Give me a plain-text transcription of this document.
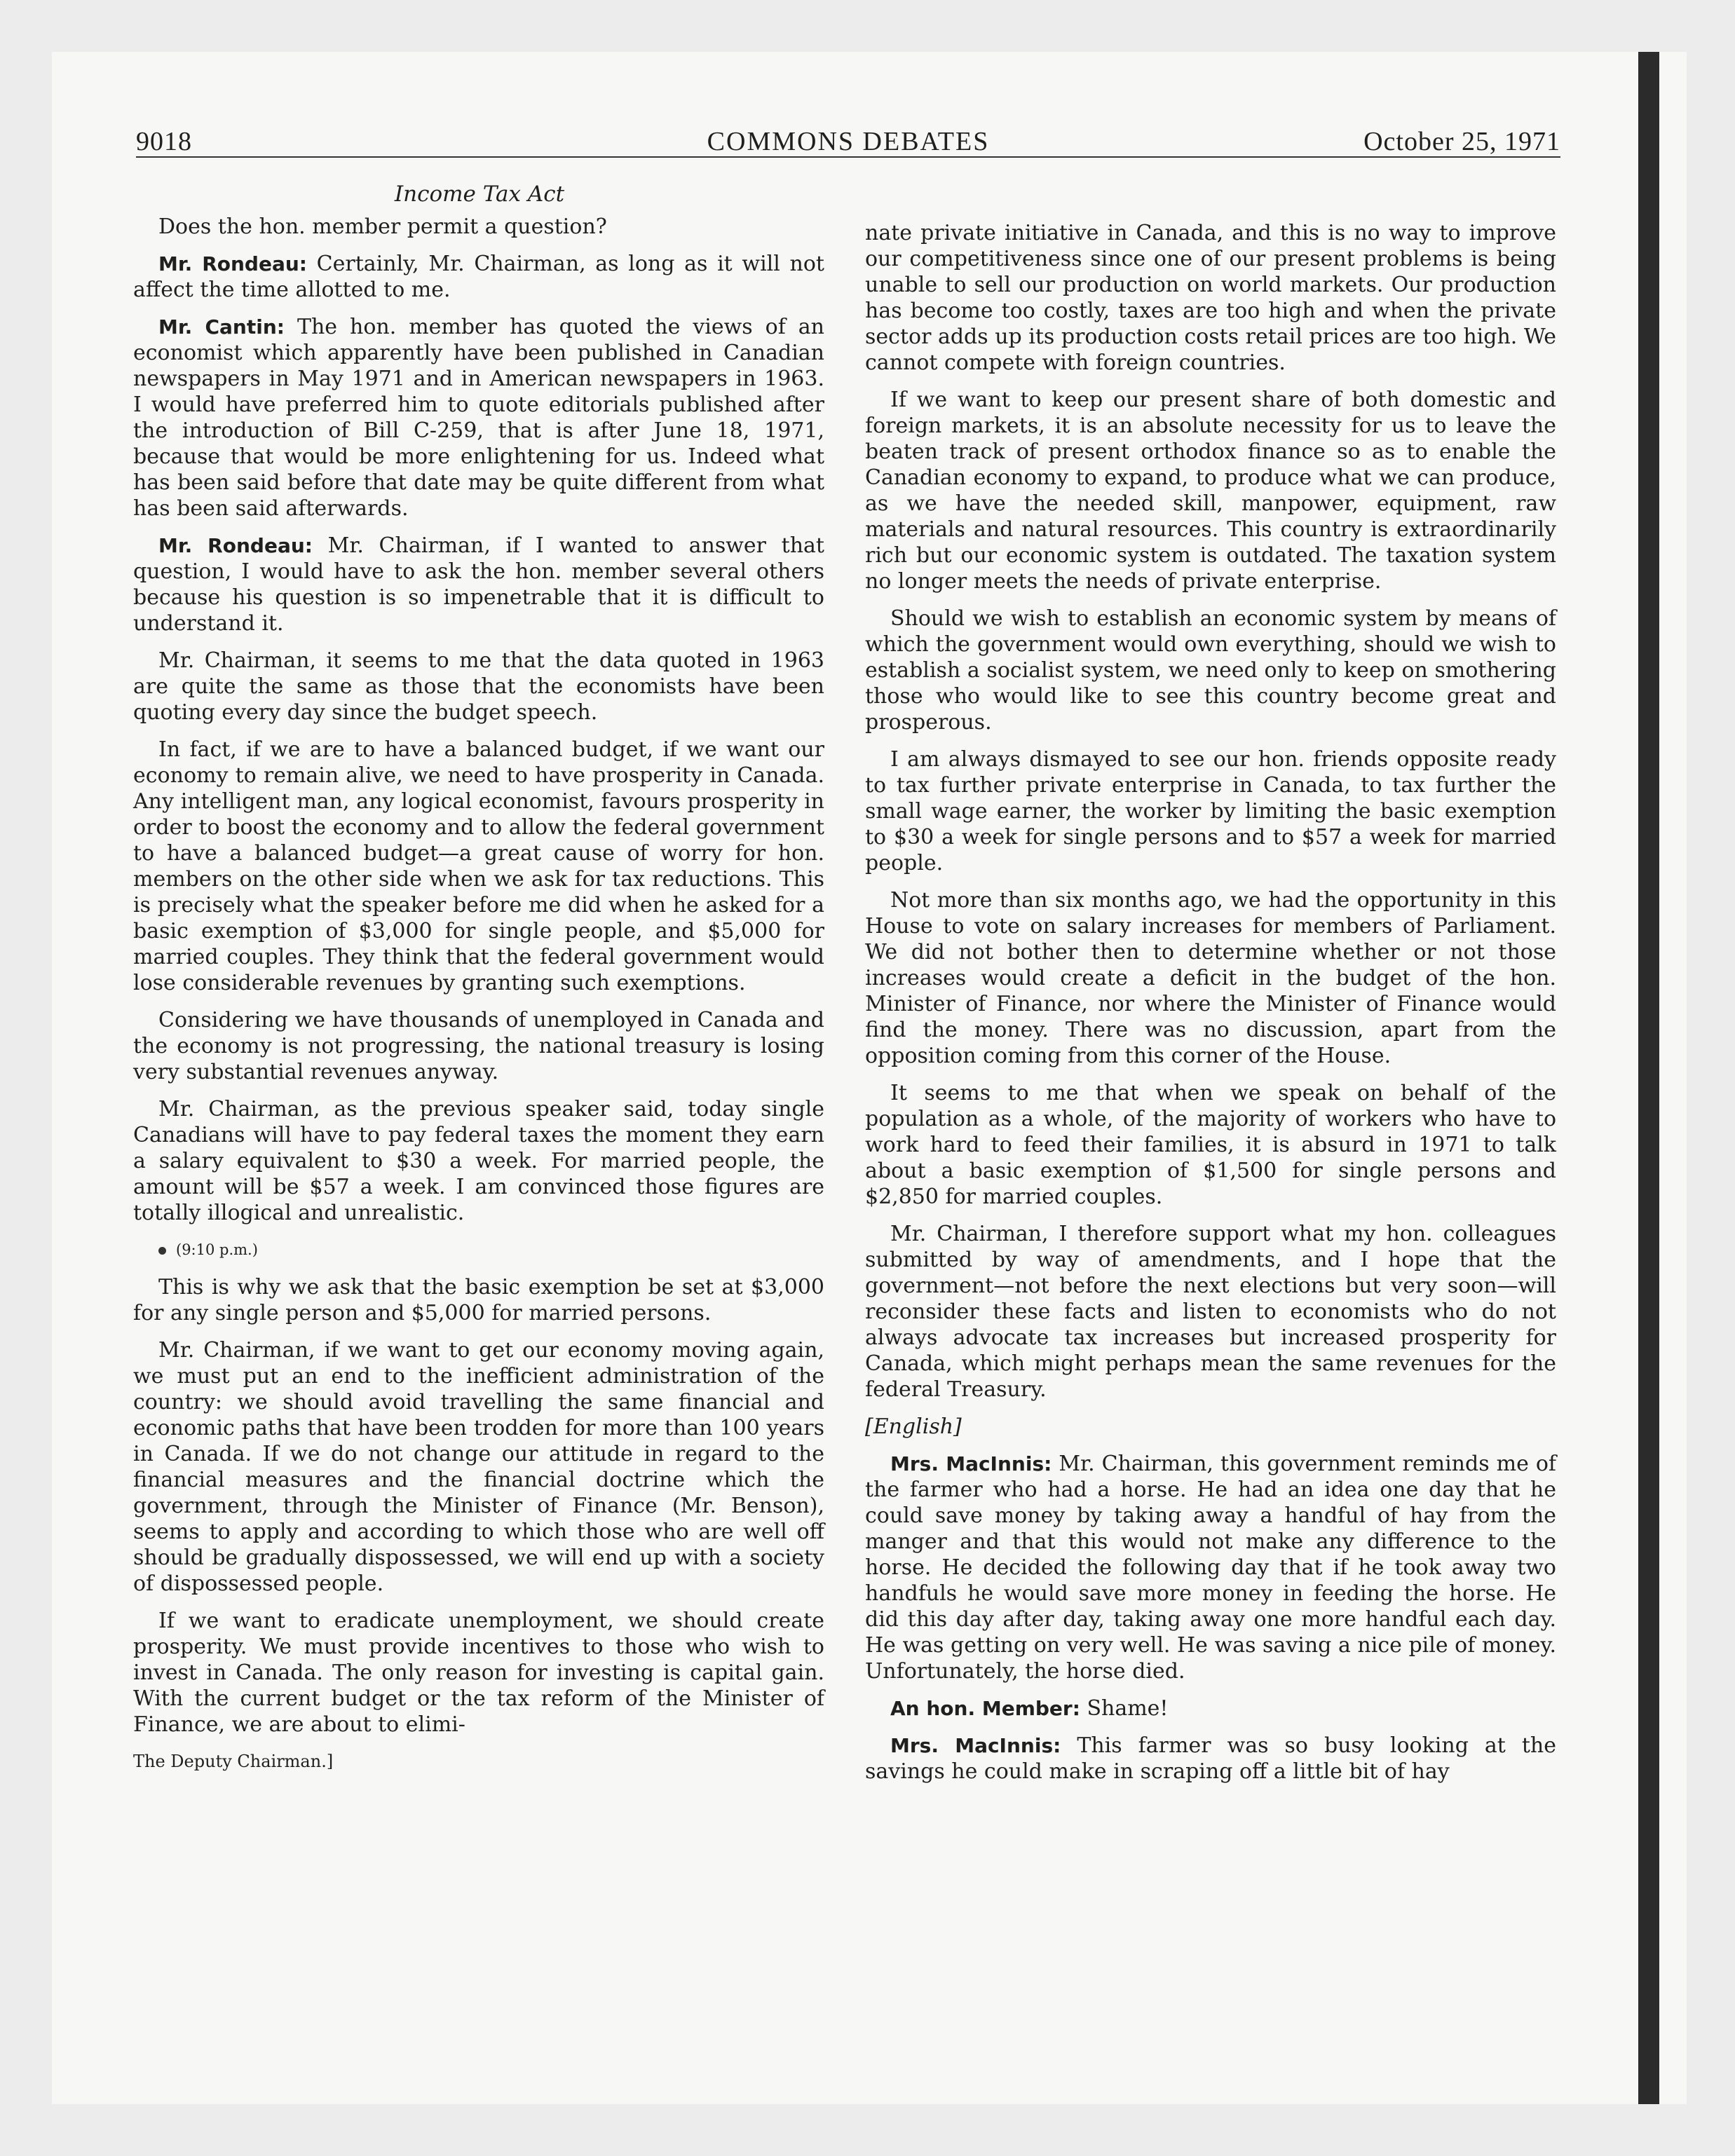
9018	COMMONS DEBATES	October 25, 1971
Income Tax Act

Does the hon. member permit a question?

Mr. Rondeau: Certainly, Mr. Chairman, as long as it will not affect the time allotted to me.

Mr. Cantin: The hon. member has quoted the views of an economist which apparently have been published in Canadian newspapers in May 1971 and in American newspapers in 1963. I would have preferred him to quote editorials published after the introduction of Bill C-259, that is after June 18, 1971, because that would be more enlightening for us. Indeed what has been said before that date may be quite different from what has been said afterwards.

Mr. Rondeau: Mr. Chairman, if I wanted to answer that question, I would have to ask the hon. member several others because his question is so impenetrable that it is difficult to understand it.

Mr. Chairman, it seems to me that the data quoted in 1963 are quite the same as those that the economists have been quoting every day since the budget speech.

In fact, if we are to have a balanced budget, if we want our economy to remain alive, we need to have prosperity in Canada. Any intelligent man, any logical economist, favours prosperity in order to boost the economy and to allow the federal government to have a balanced budget—a great cause of worry for hon. members on the other side when we ask for tax reductions. This is precisely what the speaker before me did when he asked for a basic exemption of $3,000 for single people, and $5,000 for married couples. They think that the federal government would lose considerable revenues by granting such exemptions.

Considering we have thousands of unemployed in Canada and the economy is not progressing, the national treasury is losing very substantial revenues anyway.

Mr. Chairman, as the previous speaker said, today single Canadians will have to pay federal taxes the moment they earn a salary equivalent to $30 a week. For married people, the amount will be $57 a week. I am convinced those figures are totally illogical and unrealistic.

(9:10 p.m.)

This is why we ask that the basic exemption be set at $3,000 for any single person and $5,000 for married persons.

Mr. Chairman, if we want to get our economy moving again, we must put an end to the inefficient administration of the country: we should avoid travelling the same financial and economic paths that have been trodden for more than 100 years in Canada. If we do not change our attitude in regard to the financial measures and the financial doctrine which the government, through the Minister of Finance (Mr. Benson), seems to apply and according to which those who are well off should be gradually dispossessed, we will end up with a society of dispossessed people.

If we want to eradicate unemployment, we should create prosperity. We must provide incentives to those who wish to invest in Canada. The only reason for investing is capital gain. With the current budget or the tax reform of the Minister of Finance, we are about to elimi-

The Deputy Chairman.]

nate private initiative in Canada, and this is no way to improve our competitiveness since one of our present problems is being unable to sell our production on world markets. Our production has become too costly, taxes are too high and when the private sector adds up its production costs retail prices are too high. We cannot compete with foreign countries.

If we want to keep our present share of both domestic and foreign markets, it is an absolute necessity for us to leave the beaten track of present orthodox finance so as to enable the Canadian economy to expand, to produce what we can produce, as we have the needed skill, manpower, equipment, raw materials and natural resources. This country is extraordinarily rich but our economic system is outdated. The taxation system no longer meets the needs of private enterprise.

Should we wish to establish an economic system by means of which the government would own everything, should we wish to establish a socialist system, we need only to keep on smothering those who would like to see this country become great and prosperous.

I am always dismayed to see our hon. friends opposite ready to tax further private enterprise in Canada, to tax further the small wage earner, the worker by limiting the basic exemption to $30 a week for single persons and to $57 a week for married people.

Not more than six months ago, we had the opportunity in this House to vote on salary increases for members of Parliament. We did not bother then to determine whether or not those increases would create a deficit in the budget of the hon. Minister of Finance, nor where the Minister of Finance would find the money. There was no discussion, apart from the opposition coming from this corner of the House.

It seems to me that when we speak on behalf of the population as a whole, of the majority of workers who have to work hard to feed their families, it is absurd in 1971 to talk about a basic exemption of $1,500 for single persons and $2,850 for married couples.

Mr. Chairman, I therefore support what my hon. colleagues submitted by way of amendments, and I hope that the government—not before the next elections but very soon—will reconsider these facts and listen to economists who do not always advocate tax increases but increased prosperity for Canada, which might perhaps mean the same revenues for the federal Treasury.

[English]

Mrs. MacInnis: Mr. Chairman, this government reminds me of the farmer who had a horse. He had an idea one day that he could save money by taking away a handful of hay from the manger and that this would not make any difference to the horse. He decided the following day that if he took away two handfuls he would save more money in feeding the horse. He did this day after day, taking away one more handful each day. He was getting on very well. He was saving a nice pile of money. Unfortunately, the horse died.

An hon. Member: Shame!

Mrs. MacInnis: This farmer was so busy looking at the savings he could make in scraping off a little bit of hay
